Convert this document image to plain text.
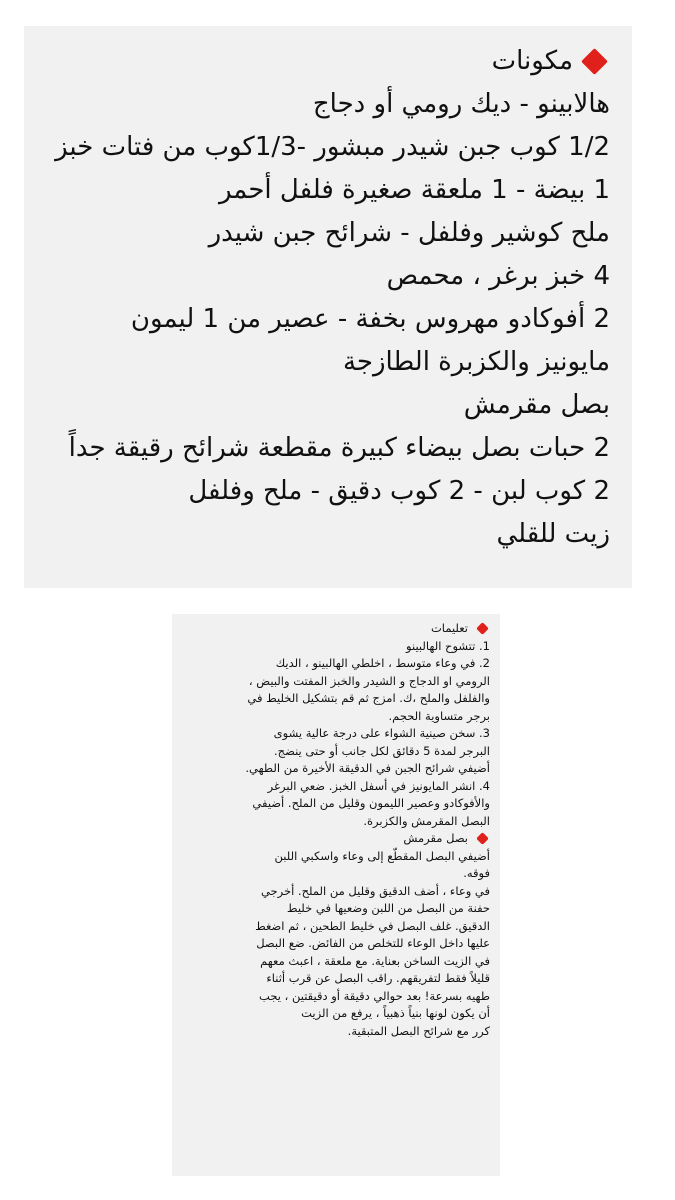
مكونات
هالابينو - ديك رومي أو دجاج
1/2 كوب جبن شيدر مبشور -1/3كوب من فتات خبز
1 بيضة - 1 ملعقة صغيرة فلفل أحمر
ملح كوشير وفلفل - شرائح جبن شيدر
4 خبز برغر ، محمص
2 أفوكادو مهروس بخفة - عصير من 1 ليمون
مايونيز والكزبرة الطازجة
بصل مقرمش
2 حبات بصل بيضاء كبيرة مقطعة شرائح رقيقة جداً
2 كوب لبن - 2 كوب دقيق - ملح وفلفل
زيت للقلي
تعليمات
1. تتشوح الهالبينو
2. في وعاء متوسط ، اخلطي الهالبينو ، الديك
الرومي او الدجاج و الشيدر والخبز المفتت والبيض ،
والفلفل والملح ،ك. امزج ثم قم بتشكيل الخليط في
برجر متساوية الحجم.
3. سخن صينية الشواء على درجة عالية يشوى
البرجر لمدة 5 دقائق لكل جانب أو حتى ينضج.
أضيفي شرائح الجبن في الدقيقة الأخيرة من الطهي.
4. انشر المايونيز في أسفل الخبز. ضعي البرغر
والأفوكادو وعصير الليمون وقليل من الملح. أضيفي
البصل المقرمش والكزبرة.
بصل مقرمش
أضيفي البصل المقطّع إلى وعاء واسكبي اللبن
فوقه.
في وعاء ، أضف الدقيق وقليل من الملح. أخرجي
حفنة من البصل من اللبن وضعيها في خليط
الدقيق. غلف البصل في خليط الطحين ، ثم اضغط
عليها داخل الوعاء للتخلص من الفائض. ضع البصل
في الزيت الساخن بعناية. مع ملعقة ، اعبث معهم
قليلاً فقط لتفريقهم. راقب البصل عن قرب أثناء
طهيه بسرعة! بعد حوالي دقيقة أو دقيقتين ، يجب
أن يكون لونها بنياً ذهبياً ، يرفع من الزيت
كرر مع شرائح البصل المتبقية.
